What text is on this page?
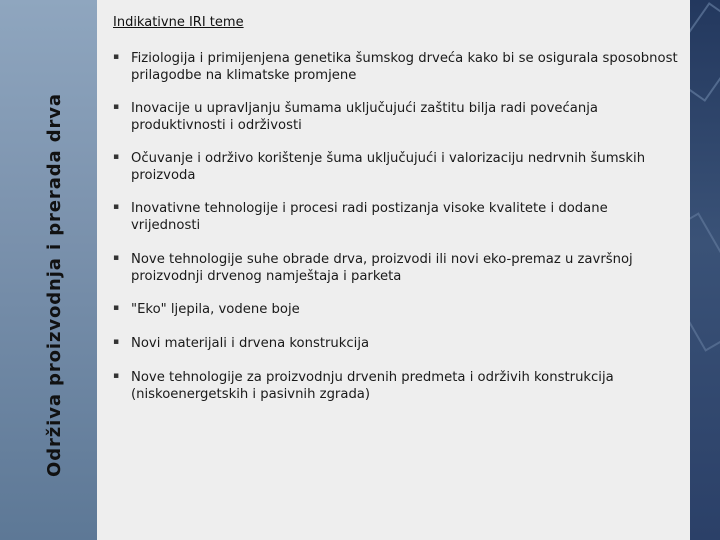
Održiva proizvodnja i prerada drva
Indikativne IRI teme
▪ Fiziologija i primijenjena genetika šumskog drveća kako bi se osigurala sposobnost prilagodbe na klimatske promjene
▪ Inovacije u upravljanju šumama uključujući zaštitu bilja radi povećanja produktivnosti i održivosti
▪ Očuvanje i održivo korištenje šuma uključujući i valorizaciju nedrvnih šumskih proizvoda
▪ Inovativne tehnologije i procesi radi postizanja visoke kvalitete i dodane vrijednosti
▪ Nove tehnologije suhe obrade drva, proizvodi ili novi eko-premaz u završnoj proizvodnji drvenog namještaja i parketa
▪ "Eko" ljepila, vodene boje
▪ Novi materijali i drvena konstrukcija
▪ Nove tehnologije za proizvodnju drvenih predmeta i održivih konstrukcija (niskoenergetskih i pasivnih zgrada)
